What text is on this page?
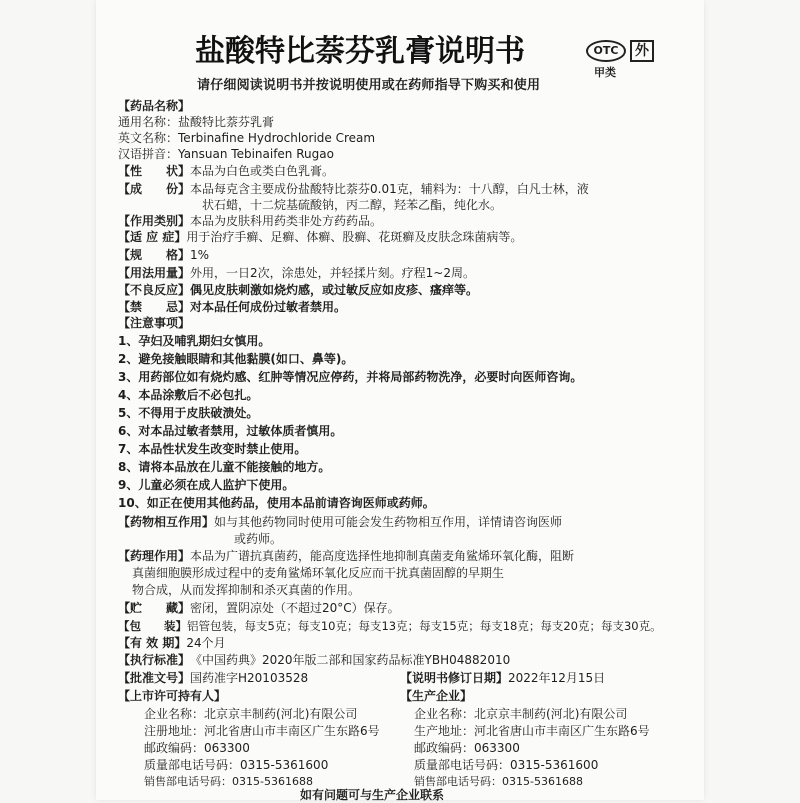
盐酸特比萘芬乳膏说明书	OTC	外
甲类
请仔细阅读说明书并按说明使用或在药师指导下购买和使用
【药品名称】
通用名称：盐酸特比萘芬乳膏
英文名称：Terbinafine Hydrochloride Cream
汉语拼音：Yansuan Tebinaifen Rugao
【性　　状】本品为白色或类白色乳膏。
【成　　份】本品每克含主要成份盐酸特比萘芬0.01克，辅料为：十八醇，白凡士林，液
状石蜡，十二烷基硫酸钠，丙二醇，羟苯乙酯，纯化水。
【作用类别】本品为皮肤科用药类非处方药药品。
【适 应 症】用于治疗手癣、足癣、体癣、股癣、花斑癣及皮肤念珠菌病等。
【规　　格】1%
【用法用量】外用，一日2次，涂患处，并轻揉片刻。疗程1~2周。
【不良反应】偶见皮肤刺激如烧灼感，或过敏反应如皮疹、瘙痒等。
【禁　　忌】对本品任何成份过敏者禁用。
【注意事项】
1、孕妇及哺乳期妇女慎用。
2、避免接触眼睛和其他黏膜(如口、鼻等)。
3、用药部位如有烧灼感、红肿等情况应停药，并将局部药物洗净，必要时向医师咨询。
4、本品涂敷后不必包扎。
5、不得用于皮肤破溃处。
6、对本品过敏者禁用，过敏体质者慎用。
7、本品性状发生改变时禁止使用。
8、请将本品放在儿童不能接触的地方。
9、儿童必须在成人监护下使用。
10、如正在使用其他药品，使用本品前请咨询医师或药师。
【药物相互作用】如与其他药物同时使用可能会发生药物相互作用，详情请咨询医师
或药师。
【药理作用】本品为广谱抗真菌药，能高度选择性地抑制真菌麦角鲨烯环氧化酶，阻断
真菌细胞膜形成过程中的麦角鲨烯环氧化反应而干扰真菌固醇的早期生
物合成，从而发挥抑制和杀灭真菌的作用。
【贮　　藏】密闭，置阴凉处（不超过20°C）保存。
【包　　装】铝管包装，每支5克；每支10克；每支13克；每支15克；每支18克；每支20克；每支30克。
【有 效 期】24个月
【执行标准】《中国药典》2020年版二部和国家药品标准YBH04882010
【批准文号】国药准字H20103528	【说明书修订日期】2022年12月15日
【上市许可持有人】	【生产企业】
企业名称：北京京丰制药(河北)有限公司	企业名称：北京京丰制药(河北)有限公司
注册地址：河北省唐山市丰南区广生东路6号	生产地址：河北省唐山市丰南区广生东路6号
邮政编码：063300	邮政编码：063300
质量部电话号码：0315-5361600	质量部电话号码：0315-5361600
销售部电话号码：0315-5361688	销售部电话号码：0315-5361688
如有问题可与生产企业联系
